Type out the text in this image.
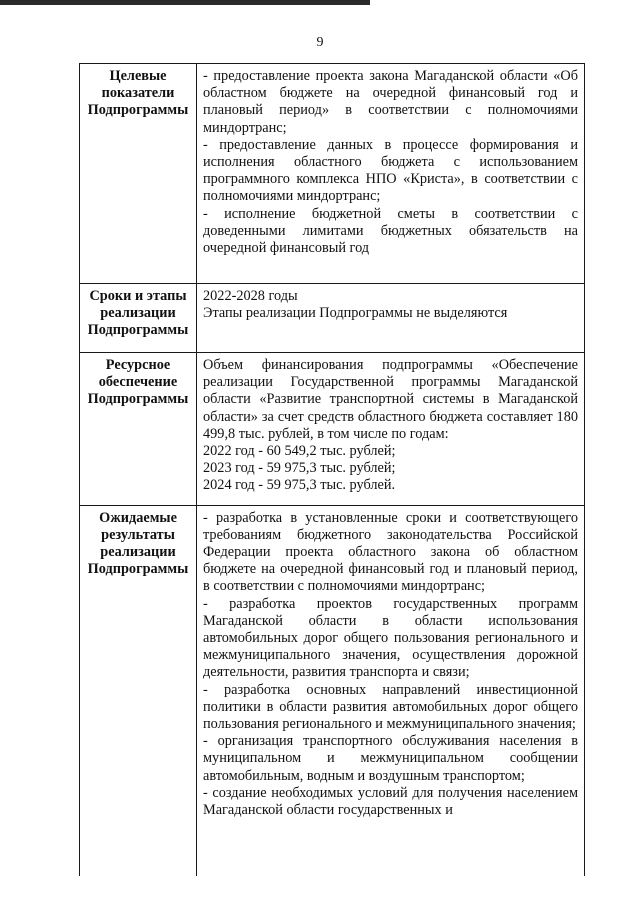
9
Целевые показатели Подпрограммы	- предоставление проекта закона Магаданской области «Об областном бюджете на очередной финансовый год и плановый период» в соответствии с полномочиями миндортранс;

- предоставление данных в процессе формирования и исполнения областного бюджета с использованием программного комплекса НПО «Криста», в соответствии с полномочиями миндортранс;

- исполнение бюджетной сметы в соответствии с доведенными лимитами бюджетных обязательств на очередной финансовый год

Сроки и этапы реализации Подпрограммы	2022-2028 годы

Этапы реализации Подпрограммы не выделяются

Ресурсное обеспечение Подпрограммы	Объем финансирования подпрограммы «Обеспечение реализации Государственной программы Магаданской области «Развитие транспортной системы в Магаданской области» за счет средств областного бюджета составляет 180 499,8 тыс. рублей, в том числе по годам:

2022 год - 60 549,2 тыс. рублей;

2023 год - 59 975,3 тыс. рублей;

2024 год - 59 975,3 тыс. рублей.

Ожидаемые результаты реализации Подпрограммы	- разработка в установленные сроки и соответствующего требованиям бюджетного законодательства Российской Федерации проекта областного закона об областном бюджете на очередной финансовый год и плановый период, в соответствии с полномочиями миндортранс;

- разработка проектов государственных программ Магаданской области в области использования автомобильных дорог общего пользования регионального и межмуниципального значения, осуществления дорожной деятельности, развития транспорта и связи;

- разработка основных направлений инвестиционной политики в области развития автомобильных дорог общего пользования регионального и межмуниципального значения;

- организация транспортного обслуживания населения в муниципальном и межмуниципальном сообщении автомобильным, водным и воздушным транспортом;

- создание необходимых условий для получения населением Магаданской области государственных и
